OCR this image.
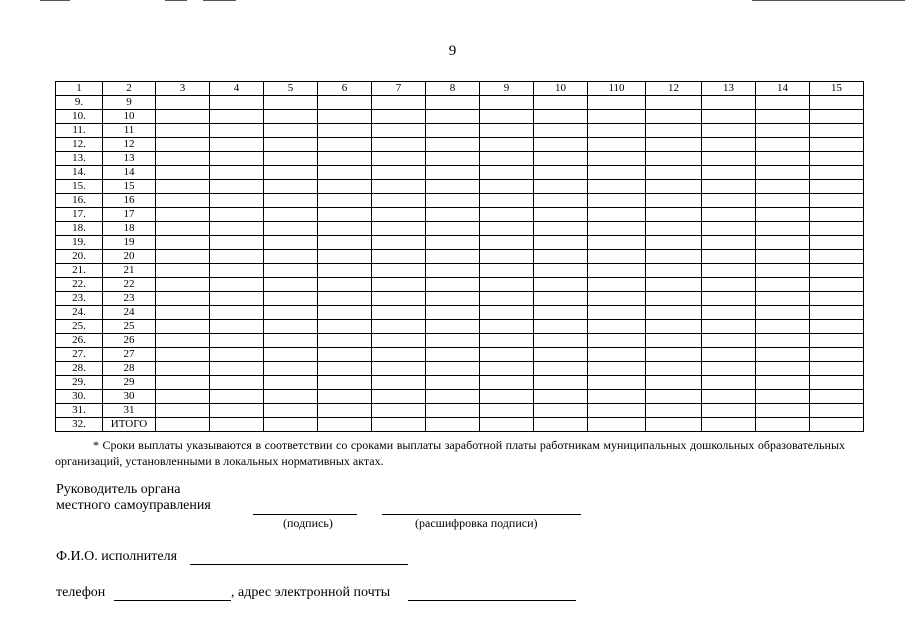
9
1	2	3	4	5	6	7	8	9	10	110	12	13	14	15
9.	9													
10.	10													
11.	11													
12.	12													
13.	13													
14.	14													
15.	15													
16.	16													
17.	17													
18.	18													
19.	19													
20.	20													
21.	21													
22.	22													
23.	23													
24.	24													
25.	25													
26.	26													
27.	27													
28.	28													
29.	29													
30.	30													
31.	31													
32.	ИТОГО													
* Сроки выплаты указываются в соответствии со сроками выплаты заработной платы работникам муниципальных дошкольных образовательных организаций, установленными в локальных нормативных актах.
Руководитель органа
местного самоуправления
(подпись)	(расшифровка подписи)
Ф.И.О. исполнителя
телефон	, адрес электронной почты
